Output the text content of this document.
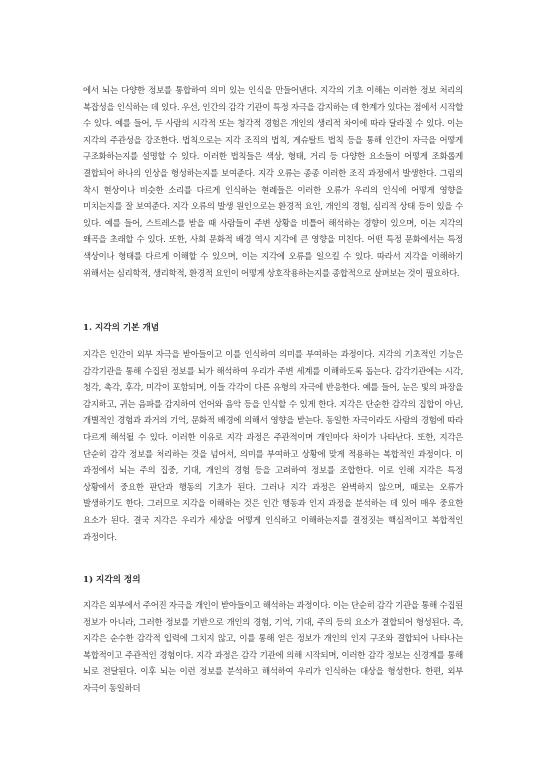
에서 뇌는 다양한 정보를 통합하여 의미 있는 인식을 만들어낸다. 지각의 기초 이해는 이러한 정보 처리의 복잡성을 인식하는 데 있다. 우선, 인간의 감각 기관이 특정 자극을 감지하는 데 한계가 있다는 점에서 시작할 수 있다. 예를 들어, 두 사람의 시각적 또는 청각적 경험은 개인의 생리적 차이에 따라 달라질 수 있다. 이는 지각의 주관성을 강조한다. 법칙으로는 지각 조직의 법칙, 게슈탈트 법칙 등을 통해 인간이 자극을 어떻게 구조화하는지를 설명할 수 있다. 이러한 법칙들은 색상, 형태, 거리 등 다양한 요소들이 어떻게 조화롭게 결합되어 하나의 인상을 형성하는지를 보여준다. 지각 오류는 종종 이러한 조직 과정에서 발생한다. 그림의 착시 현상이나 비슷한 소리를 다르게 인식하는 현례들은 이러한 오류가 우리의 인식에 어떻게 영향을 미치는지를 잘 보여준다. 지각 오류의 발생 원인으로는 환경적 요인, 개인의 경험, 심리적 상태 등이 있을 수 있다. 예를 들어, 스트레스를 받을 때 사람들이 주변 상황을 비틀어 해석하는 경향이 있으며, 이는 지각의 왜곡을 초래할 수 있다. 또한, 사회 문화적 배경 역시 지각에 큰 영향을 미친다. 어떤 특정 문화에서는 특정 색상이나 형태를 다르게 이해할 수 있으며, 이는 지각에 오류를 일으킬 수 있다. 따라서 지각을 이해하기 위해서는 심리학적, 생리학적, 환경적 요인이 어떻게 상호작용하는지를 종합적으로 살펴보는 것이 필요하다.

1. 지각의 기본 개념

지각은 인간이 외부 자극을 받아들이고 이를 인식하여 의미를 부여하는 과정이다. 지각의 기초적인 기능은 감각기관을 통해 수집된 정보를 뇌가 해석하여 우리가 주변 세계를 이해하도록 돕는다. 감각기관에는 시각, 청각, 촉각, 후각, 미각이 포함되며, 이들 각각이 다른 유형의 자극에 반응한다. 예를 들어, 눈은 빛의 파장을 감지하고, 귀는 음파를 감지하여 언어와 음악 등을 인식할 수 있게 한다. 지각은 단순한 감각의 집합이 아닌, 개별적인 경험과 과거의 기억, 문화적 배경에 의해서 영향을 받는다. 동일한 자극이라도 사람의 경험에 따라 다르게 해석될 수 있다. 이러한 이유로 지각 과정은 주관적이며 개인마다 차이가 나타난다. 또한, 지각은 단순히 감각 정보를 처리하는 것을 넘어서, 의미를 부여하고 상황에 맞게 적용하는 복합적인 과정이다. 이 과정에서 뇌는 주의 집중, 기대, 개인의 경험 등을 고려하여 정보를 조합한다. 이로 인해 지각은 특정 상황에서 중요한 판단과 행동의 기초가 된다. 그러나 지각 과정은 완벽하지 않으며, 때로는 오류가 발생하기도 한다. 그러므로 지각을 이해하는 것은 인간 행동과 인지 과정을 분석하는 데 있어 매우 중요한 요소가 된다. 결국 지각은 우리가 세상을 어떻게 인식하고 이해하는지를 결정짓는 핵심적이고 복합적인 과정이다.

1) 지각의 정의

지각은 외부에서 주어진 자극을 개인이 받아들이고 해석하는 과정이다. 이는 단순히 감각 기관을 통해 수집된 정보가 아니라, 그러한 정보를 기반으로 개인의 경험, 기억, 기대, 주의 등의 요소가 결합되어 형성된다. 즉, 지각은 순수한 감각적 입력에 그치지 않고, 이를 통해 얻은 정보가 개인의 인지 구조와 결합되어 나타나는 복합적이고 주관적인 경험이다. 지각 과정은 감각 기관에 의해 시작되며, 이러한 감각 정보는 신경계를 통해 뇌로 전달된다. 이후 뇌는 이런 정보를 분석하고 해석하여 우리가 인식하는 대상을 형성한다. 한편, 외부 자극이 동일하더
